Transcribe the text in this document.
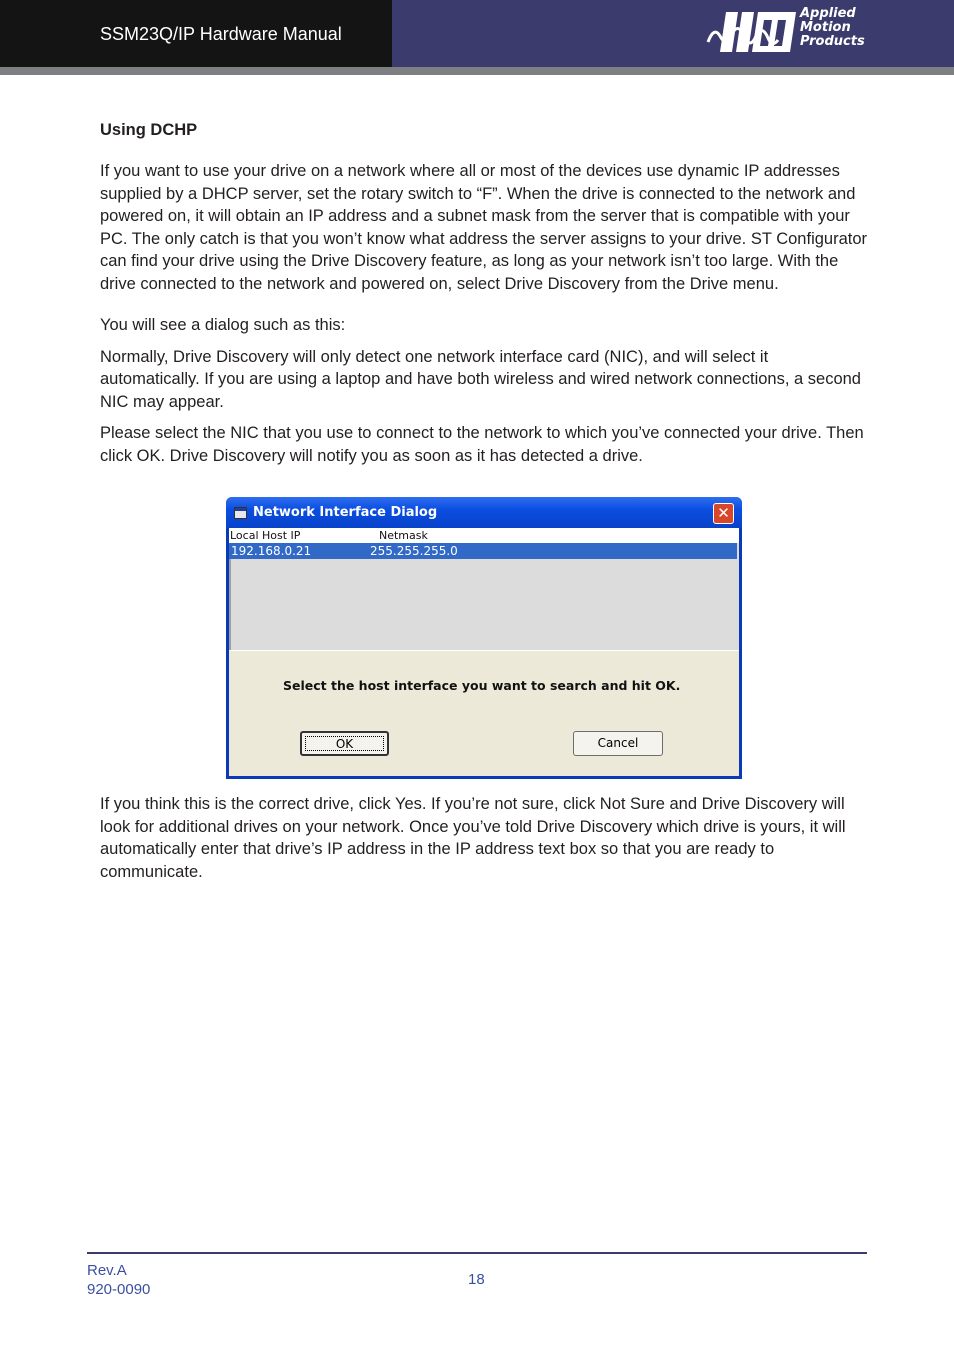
SSM23Q/IP Hardware Manual
Applied
Motion
Products
Using DCHP

If you want to use your drive on a network where all or most of the devices use dynamic IP addresses supplied by a DHCP server, set the rotary switch to “F”. When the drive is connected to the network and powered on, it will obtain an IP address and a subnet mask from the server that is compatible with your PC. The only catch is that you won’t know what address the server assigns to your drive. ST Configurator can find your drive using the Drive Discovery feature, as long as your network isn’t too large. With the drive connected to the network and powered on, select Drive Discovery from the Drive menu.

You will see a dialog such as this:

Normally, Drive Discovery will only detect one network interface card (NIC), and will select it automatically. If you are using a laptop and have both wireless and wired network connections, a second NIC may appear.

Please select the NIC that you use to connect to the network to which you’ve connected your drive. Then click OK. Drive Discovery will notify you as soon as it has detected a drive.

Network Interface Dialog	✕
Local Host IP	Netmask
192.168.0.21	255.255.255.0
Select the host interface you want to search and hit OK.
OK	Cancel

If you think this is the correct drive, click Yes. If you’re not sure, click Not Sure and Drive Discovery will look for additional drives on your network. Once you’ve told Drive Discovery which drive is yours, it will automatically enter that drive’s IP address in the IP address text box so that you are ready to communicate.

Rev.A
920-0090
18
